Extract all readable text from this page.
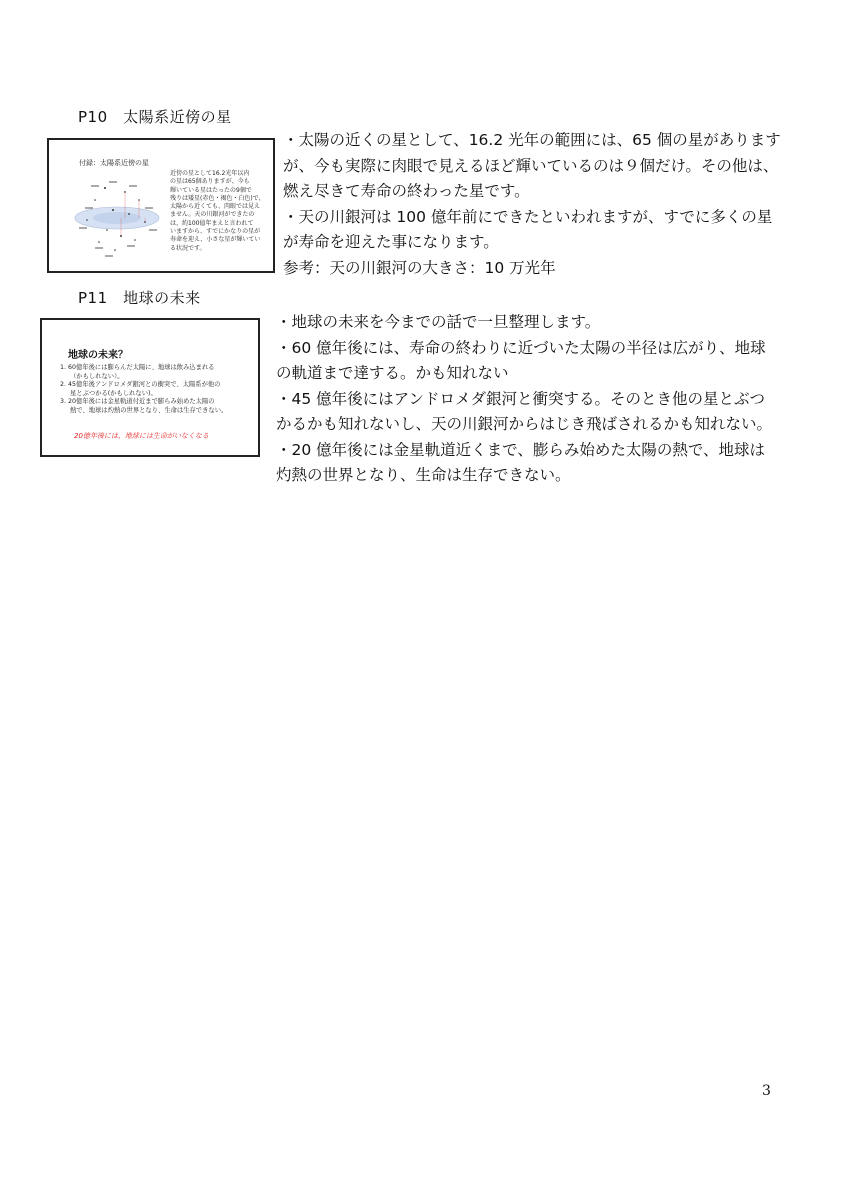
P10　太陽系近傍の星
付録：太陽系近傍の星
近傍の星として16.2光年以内
の星は65個ありますが、今も
輝いている星はたったの9個で
残りは矮星(赤色・褐色・白色)で、
太陽から近くても、肉眼では見え
ません。天の川銀河ができたの
は、約100億年まえと言われて
いますから、すでにかなりの星が
寿命を迎え、小さな星が輝いてい
る状況です。

・太陽の近くの星として、16.2 光年の範囲には、65 個の星があります

が、今も実際に肉眼で見えるほど輝いているのは９個だけ。その他は、

燃え尽きて寿命の終わった星です。

・天の川銀河は 100 億年前にできたといわれますが、すでに多くの星

が寿命を迎えた事になります。

参考：天の川銀河の大きさ：10 万光年

P11　地球の未来
地球の未来？
1. 60億年後には膨らんだ太陽に、地球は飲み込まれる
（かもしれない）。
2. 45億年後アンドロメダ銀河との衝突で、太陽系が他の
星とぶつかる(かもしれない)。
3. 20億年後には金星軌道付近まで膨らみ始めた太陽の
熱で、地球は灼熱の世界となり、生命は生存できない。
20億年後には、地球には生命がいなくなる

・地球の未来を今までの話で一旦整理します。

・60 億年後には、寿命の終わりに近づいた太陽の半径は広がり、地球

の軌道まで達する。かも知れない

・45 億年後にはアンドロメダ銀河と衝突する。そのとき他の星とぶつ

かるかも知れないし、天の川銀河からはじき飛ばされるかも知れない。

・20 億年後には金星軌道近くまで、膨らみ始めた太陽の熱で、地球は

灼熱の世界となり、生命は生存できない。

3
